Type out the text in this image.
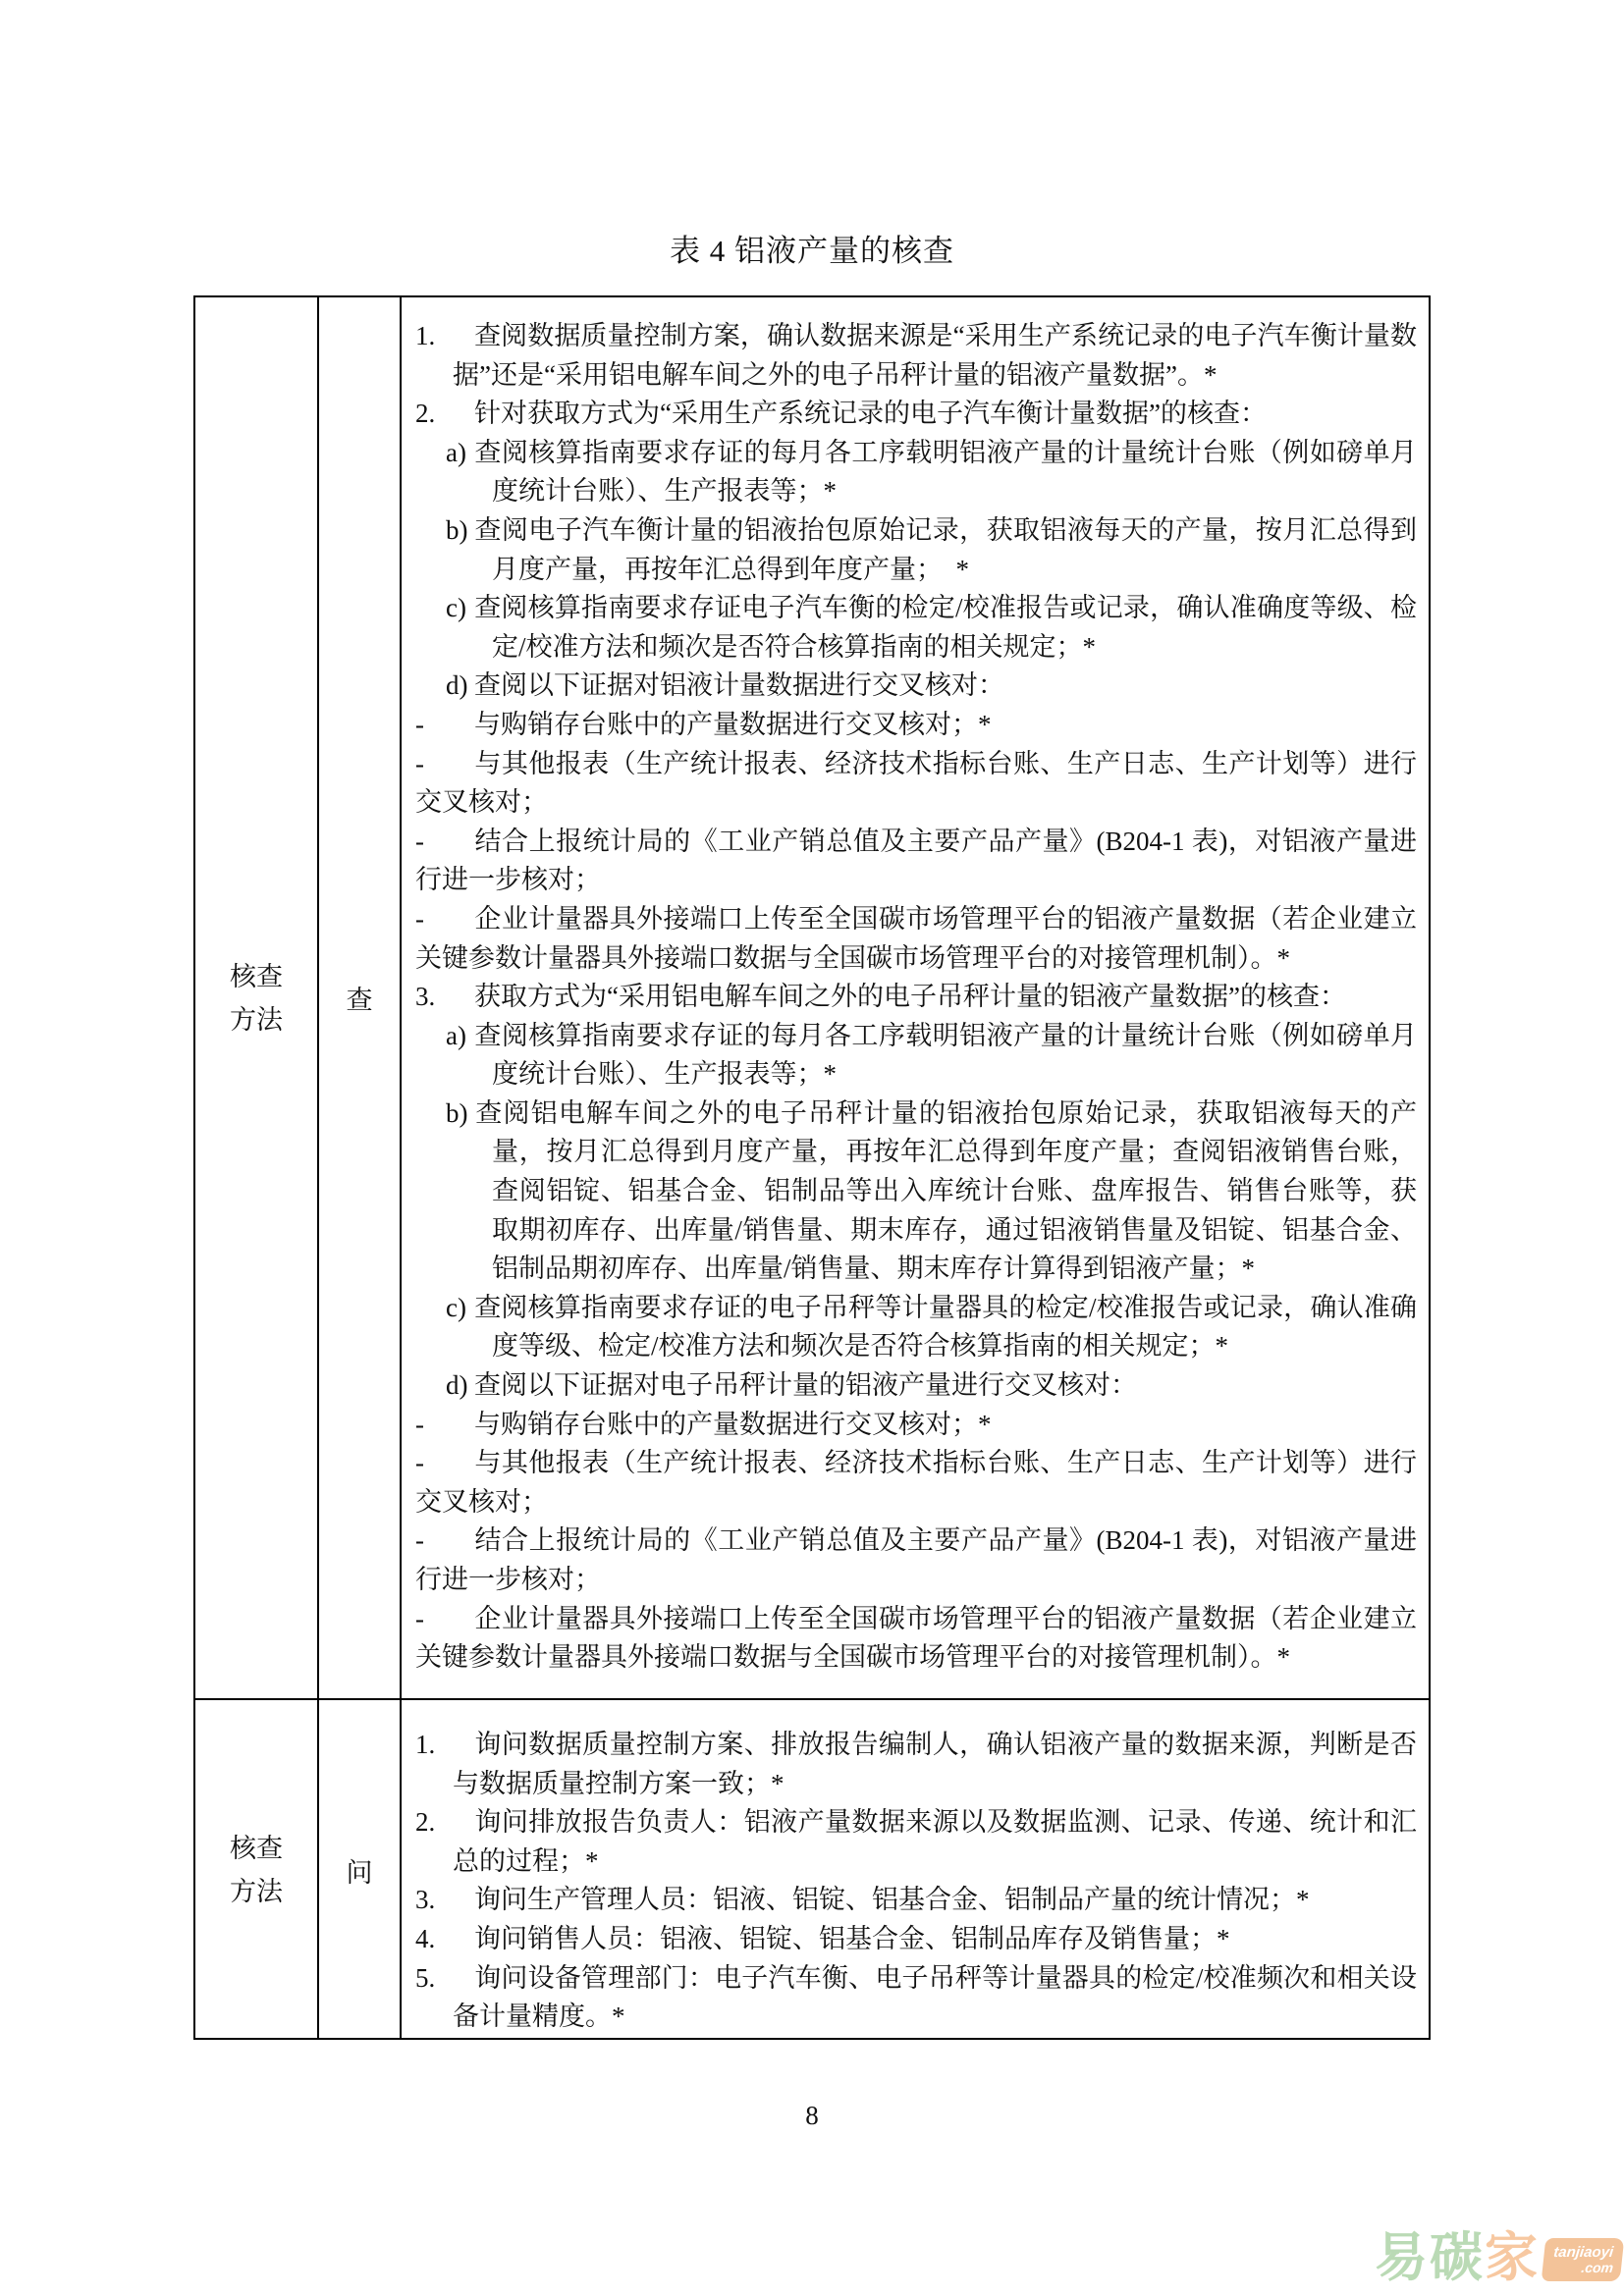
表 4 铝液产量的核查
核查方法
查

1. 查阅数据质量控制方案，确认数据来源是“采用生产系统记录的电子汽车衡计量数据”还是“采用铝电解车间之外的电子吊秤计量的铝液产量数据”。*

2. 针对获取方式为“采用生产系统记录的电子汽车衡计量数据”的核查：

a) 查阅核算指南要求存证的每月各工序载明铝液产量的计量统计台账（例如磅单月度统计台账）、生产报表等；*

b) 查阅电子汽车衡计量的铝液抬包原始记录，获取铝液每天的产量，按月汇总得到月度产量，再按年汇总得到年度产量；　*

c) 查阅核算指南要求存证电子汽车衡的检定/校准报告或记录，确认准确度等级、检定/校准方法和频次是否符合核算指南的相关规定；*

d) 查阅以下证据对铝液计量数据进行交叉核对：

- 与购销存台账中的产量数据进行交叉核对；*

- 与其他报表（生产统计报表、经济技术指标台账、生产日志、生产计划等）进行交叉核对；

- 结合上报统计局的《工业产销总值及主要产品产量》(B204-1 表)，对铝液产量进行进一步核对；

- 企业计量器具外接端口上传至全国碳市场管理平台的铝液产量数据（若企业建立关键参数计量器具外接端口数据与全国碳市场管理平台的对接管理机制）。*

3. 获取方式为“采用铝电解车间之外的电子吊秤计量的铝液产量数据”的核查：

a) 查阅核算指南要求存证的每月各工序载明铝液产量的计量统计台账（例如磅单月度统计台账）、生产报表等；*

b) 查阅铝电解车间之外的电子吊秤计量的铝液抬包原始记录，获取铝液每天的产量，按月汇总得到月度产量，再按年汇总得到年度产量；查阅铝液销售台账，查阅铝锭、铝基合金、铝制品等出入库统计台账、盘库报告、销售台账等，获取期初库存、出库量/销售量、期末库存，通过铝液销售量及铝锭、铝基合金、铝制品期初库存、出库量/销售量、期末库存计算得到铝液产量；*

c) 查阅核算指南要求存证的电子吊秤等计量器具的检定/校准报告或记录，确认准确度等级、检定/校准方法和频次是否符合核算指南的相关规定；*

d) 查阅以下证据对电子吊秤计量的铝液产量进行交叉核对：

- 与购销存台账中的产量数据进行交叉核对；*

- 与其他报表（生产统计报表、经济技术指标台账、生产日志、生产计划等）进行交叉核对；

- 结合上报统计局的《工业产销总值及主要产品产量》(B204-1 表)，对铝液产量进行进一步核对；

- 企业计量器具外接端口上传至全国碳市场管理平台的铝液产量数据（若企业建立关键参数计量器具外接端口数据与全国碳市场管理平台的对接管理机制）。*

核查方法
问

1. 询问数据质量控制方案、排放报告编制人，确认铝液产量的数据来源，判断是否与数据质量控制方案一致；*

2. 询问排放报告负责人：铝液产量数据来源以及数据监测、记录、传递、统计和汇总的过程；*

3. 询问生产管理人员：铝液、铝锭、铝基合金、铝制品产量的统计情况；*

4. 询问销售人员：铝液、铝锭、铝基合金、铝制品库存及销售量；*

5. 询问设备管理部门：电子汽车衡、电子吊秤等计量器具的检定/校准频次和相关设备计量精度。*

8
易碳 家 tanjiaoyi
.com
